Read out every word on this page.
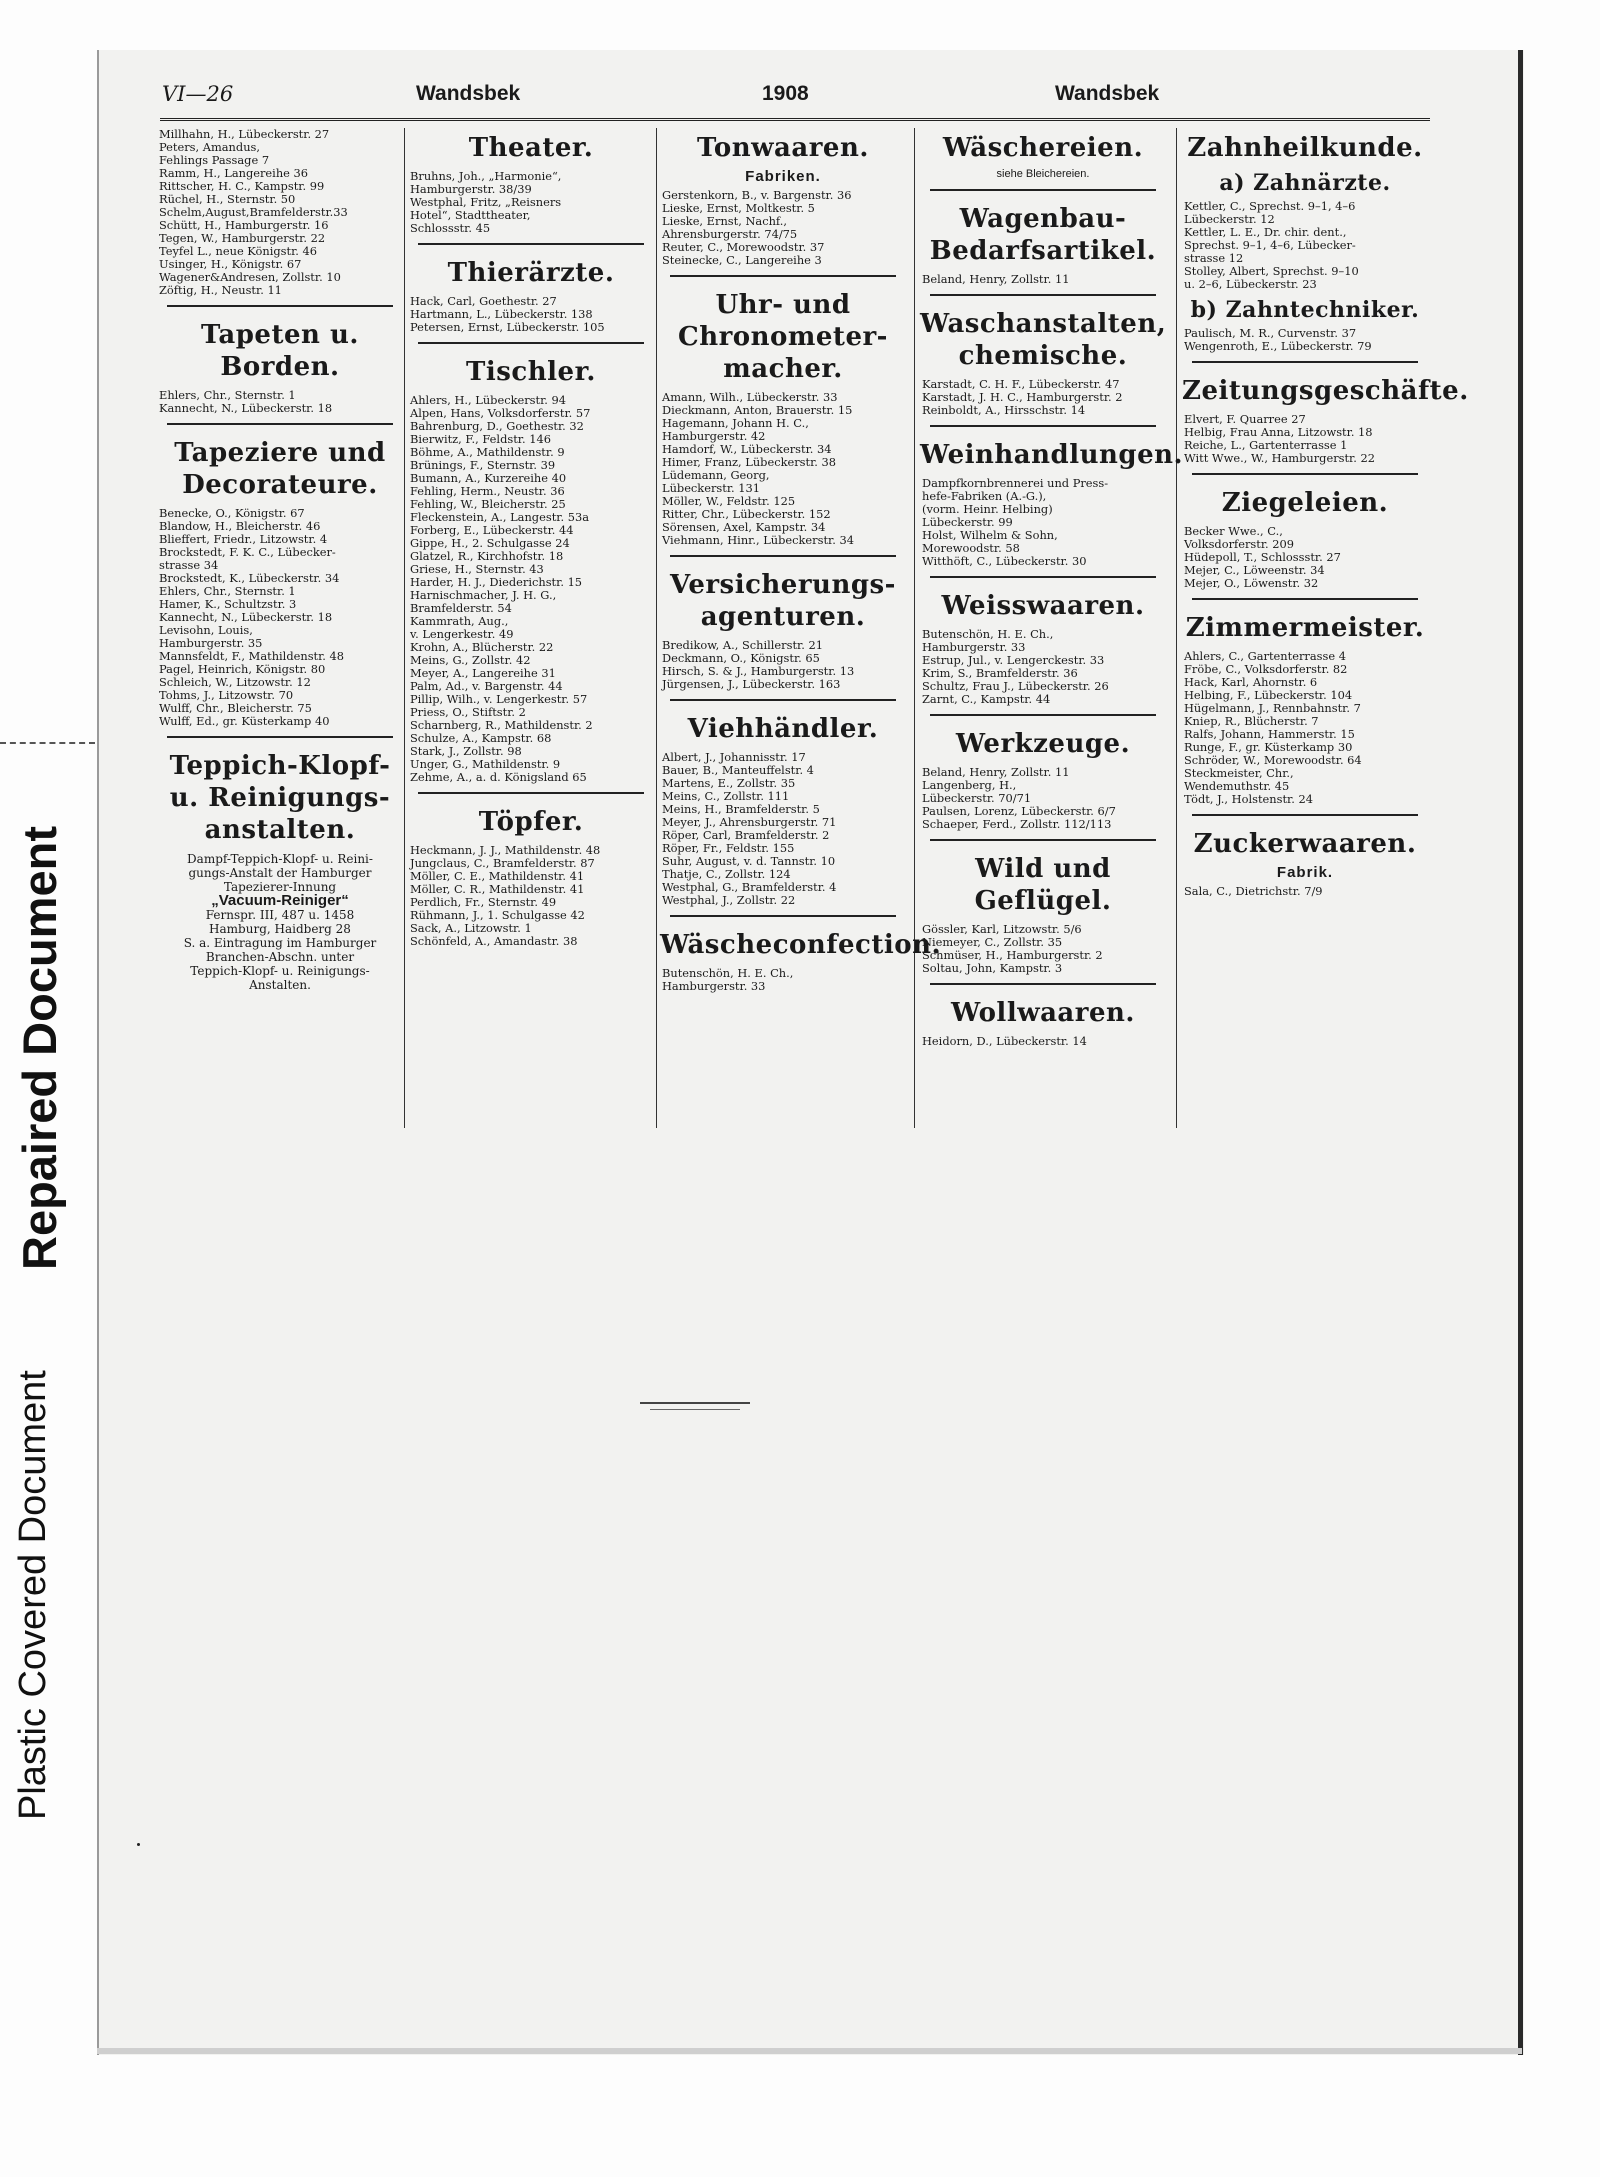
Repaired Document
Plastic Covered Document
VI—26	Wandsbek	1908	Wandsbek
Millhahn, H., Lübeckerstr. 27
Peters, Amandus,
Fehlings Passage 7
Ramm, H., Langereihe 36
Rittscher, H. C., Kampstr. 99
Rüchel, H., Sternstr. 50
Schelm,August,Bramfelderstr.33
Schütt, H., Hamburgerstr. 16
Tegen, W., Hamburgerstr. 22
Teyfel L., neue Königstr. 46
Usinger, H., Königstr. 67
Wagener&Andresen, Zollstr. 10
Zöftig, H., Neustr. 11
Tapeten u. Borden.
Ehlers, Chr., Sternstr. 1
Kannecht, N., Lübeckerstr. 18
Tapeziere und Decorateure.
Benecke, O., Königstr. 67
Blandow, H., Bleicherstr. 46
Blieffert, Friedr., Litzowstr. 4
Brockstedt, F. K. C., Lübecker-
strasse 34
Brockstedt, K., Lübeckerstr. 34
Ehlers, Chr., Sternstr. 1
Hamer, K., Schultzstr. 3
Kannecht, N., Lübeckerstr. 18
Levisohn, Louis,
Hamburgerstr. 35
Mannsfeldt, F., Mathildenstr. 48
Pagel, Heinrich, Königstr. 80
Schleich, W., Litzowstr. 12
Tohms, J., Litzowstr. 70
Wulff, Chr., Bleicherstr. 75
Wulff, Ed., gr. Küsterkamp 40
Teppich-Klopf- u. Reinigungs- anstalten.
Dampf-Teppich-Klopf- u. Reini-
gungs-Anstalt der Hamburger
Tapezierer-Innung
„Vacuum-Reiniger“
Fernspr. III, 487 u. 1458
Hamburg, Haidberg 28
S. a. Eintragung im Hamburger
Branchen-Abschn. unter
Teppich-Klopf- u. Reinigungs-
Anstalten.
Theater.
Bruhns, Joh., „Harmonie“,
Hamburgerstr. 38/39
Westphal, Fritz, „Reisners
Hotel“, Stadttheater,
Schlossstr. 45
Thierärzte.
Hack, Carl, Goethestr. 27
Hartmann, L., Lübeckerstr. 138
Petersen, Ernst, Lübeckerstr. 105
Tischler.
Ahlers, H., Lübeckerstr. 94
Alpen, Hans, Volksdorferstr. 57
Bahrenburg, D., Goethestr. 32
Bierwitz, F., Feldstr. 146
Böhme, A., Mathildenstr. 9
Brünings, F., Sternstr. 39
Bumann, A., Kurzereihe 40
Fehling, Herm., Neustr. 36
Fehling, W., Bleicherstr. 25
Fleckenstein, A., Langestr. 53a
Forberg, E., Lübeckerstr. 44
Gippe, H., 2. Schulgasse 24
Glatzel, R., Kirchhofstr. 18
Griese, H., Sternstr. 43
Harder, H. J., Diederichstr. 15
Harnischmacher, J. H. G.,
Bramfelderstr. 54
Kammrath, Aug.,
v. Lengerkestr. 49
Krohn, A., Blücherstr. 22
Meins, G., Zollstr. 42
Meyer, A., Langereihe 31
Palm, Ad., v. Bargenstr. 44
Pillip, Wilh., v. Lengerkestr. 57
Priess, O., Stiftstr. 2
Scharnberg, R., Mathildenstr. 2
Schulze, A., Kampstr. 68
Stark, J., Zollstr. 98
Unger, G., Mathildenstr. 9
Zehme, A., a. d. Königsland 65
Töpfer.
Heckmann, J. J., Mathildenstr. 48
Jungclaus, C., Bramfelderstr. 87
Möller, C. E., Mathildenstr. 41
Möller, C. R., Mathildenstr. 41
Perdlich, Fr., Sternstr. 49
Rühmann, J., 1. Schulgasse 42
Sack, A., Litzowstr. 1
Schönfeld, A., Amandastr. 38
Tonwaaren.
Fabriken.
Gerstenkorn, B., v. Bargenstr. 36
Lieske, Ernst, Moltkestr. 5
Lieske, Ernst, Nachf.,
Ahrensburgerstr. 74/75
Reuter, C., Morewoodstr. 37
Steinecke, C., Langereihe 3
Uhr- und Chronometer- macher.
Amann, Wilh., Lübeckerstr. 33
Dieckmann, Anton, Brauerstr. 15
Hagemann, Johann H. C.,
Hamburgerstr. 42
Hamdorf, W., Lübeckerstr. 34
Himer, Franz, Lübeckerstr. 38
Lüdemann, Georg,
Lübeckerstr. 131
Möller, W., Feldstr. 125
Ritter, Chr., Lübeckerstr. 152
Sörensen, Axel, Kampstr. 34
Viehmann, Hinr., Lübeckerstr. 34
Versicherungs- agenturen.
Bredikow, A., Schillerstr. 21
Deckmann, O., Königstr. 65
Hirsch, S. & J., Hamburgerstr. 13
Jürgensen, J., Lübeckerstr. 163
Viehhändler.
Albert, J., Johannisstr. 17
Bauer, B., Manteuffelstr. 4
Martens, E., Zollstr. 35
Meins, C., Zollstr. 111
Meins, H., Bramfelderstr. 5
Meyer, J., Ahrensburgerstr. 71
Röper, Carl, Bramfelderstr. 2
Röper, Fr., Feldstr. 155
Suhr, August, v. d. Tannstr. 10
Thatje, C., Zollstr. 124
Westphal, G., Bramfelderstr. 4
Westphal, J., Zollstr. 22
Wäscheconfection.
Butenschön, H. E. Ch.,
Hamburgerstr. 33
Wäschereien.
siehe Bleichereien.
Wagenbau- Bedarfsartikel.
Beland, Henry, Zollstr. 11
Waschanstalten, chemische.
Karstadt, C. H. F., Lübeckerstr. 47
Karstadt, J. H. C., Hamburgerstr. 2
Reinboldt, A., Hirsschstr. 14
Weinhandlungen.
Dampfkornbrennerei und Press-
hefe-Fabriken (A.-G.),
(vorm. Heinr. Helbing)
Lübeckerstr. 99
Holst, Wilhelm & Sohn,
Morewoodstr. 58
Witthöft, C., Lübeckerstr. 30
Weisswaaren.
Butenschön, H. E. Ch.,
Hamburgerstr. 33
Estrup, Jul., v. Lengerckestr. 33
Krim, S., Bramfelderstr. 36
Schultz, Frau J., Lübeckerstr. 26
Zarnt, C., Kampstr. 44
Werkzeuge.
Beland, Henry, Zollstr. 11
Langenberg, H.,
Lübeckerstr. 70/71
Paulsen, Lorenz, Lübeckerstr. 6/7
Schaeper, Ferd., Zollstr. 112/113
Wild und Geflügel.
Gössler, Karl, Litzowstr. 5/6
Niemeyer, C., Zollstr. 35
Schmüser, H., Hamburgerstr. 2
Soltau, John, Kampstr. 3
Wollwaaren.
Heidorn, D., Lübeckerstr. 14
Zahnheilkunde.
a) Zahnärzte.
Kettler, C., Sprechst. 9–1, 4–6
Lübeckerstr. 12
Kettler, L. E., Dr. chir. dent.,
Sprechst. 9–1, 4–6, Lübecker-
strasse 12
Stolley, Albert, Sprechst. 9–10
u. 2–6, Lübeckerstr. 23
b) Zahntechniker.
Paulisch, M. R., Curvenstr. 37
Wengenroth, E., Lübeckerstr. 79
Zeitungsgeschäfte.
Elvert, F. Quarree 27
Helbig, Frau Anna, Litzowstr. 18
Reiche, L., Gartenterrasse 1
Witt Wwe., W., Hamburgerstr. 22
Ziegeleien.
Becker Wwe., C.,
Volksdorferstr. 209
Hüdepoll, T., Schlossstr. 27
Mejer, C., Löweenstr. 34
Mejer, O., Löwenstr. 32
Zimmermeister.
Ahlers, C., Gartenterrasse 4
Fröbe, C., Volksdorferstr. 82
Hack, Karl, Ahornstr. 6
Helbing, F., Lübeckerstr. 104
Hügelmann, J., Rennbahnstr. 7
Kniep, R., Blücherstr. 7
Ralfs, Johann, Hammerstr. 15
Runge, F., gr. Küsterkamp 30
Schröder, W., Morewoodstr. 64
Steckmeister, Chr.,
Wendemuthstr. 45
Tödt, J., Holstenstr. 24
Zuckerwaaren.
Fabrik.
Sala, C., Dietrichstr. 7/9
